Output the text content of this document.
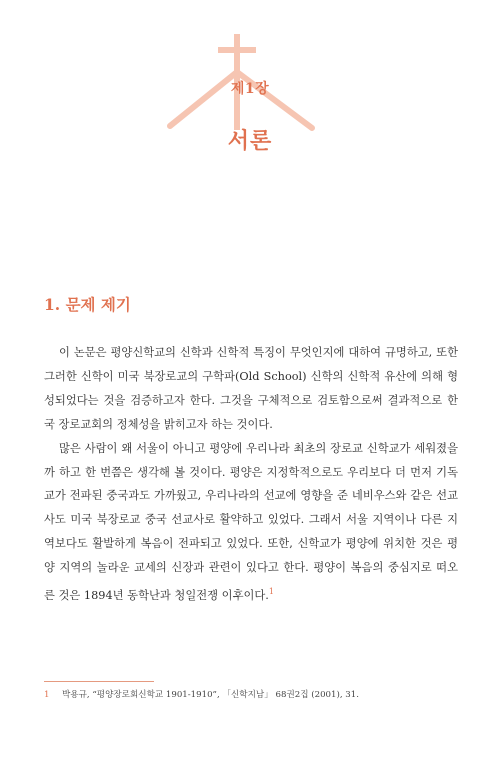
제1장
서론
1. 문제 제기

이 논문은 평양신학교의 신학과 신학적 특징이 무엇인지에 대하여 규명하고, 또한 그러한 신학이 미국 북장로교의 구학파(Old School) 신학의 신학적 유산에 의해 형성되었다는 것을 검증하고자 한다. 그것을 구체적으로 검토함으로써 결과적으로 한국 장로교회의 정체성을 밝히고자 하는 것이다.

많은 사람이 왜 서울이 아니고 평양에 우리나라 최초의 장로교 신학교가 세워졌을까 하고 한 번쯤은 생각해 볼 것이다. 평양은 지정학적으로도 우리보다 더 먼저 기독교가 전파된 중국과도 가까웠고, 우리나라의 선교에 영향을 준 네비우스와 같은 선교사도 미국 북장로교 중국 선교사로 활약하고 있었다. 그래서 서울 지역이나 다른 지역보다도 활발하게 복음이 전파되고 있었다. 또한, 신학교가 평양에 위치한 것은 평양 지역의 놀라운 교세의 신장과 관련이 있다고 한다. 평양이 복음의 중심지로 떠오른 것은 1894년 동학난과 청일전쟁 이후이다.$^1$

1 박용규, “평양장로회신학교 1901-1910”, 「신학지남」 68권2집 (2001), 31.
